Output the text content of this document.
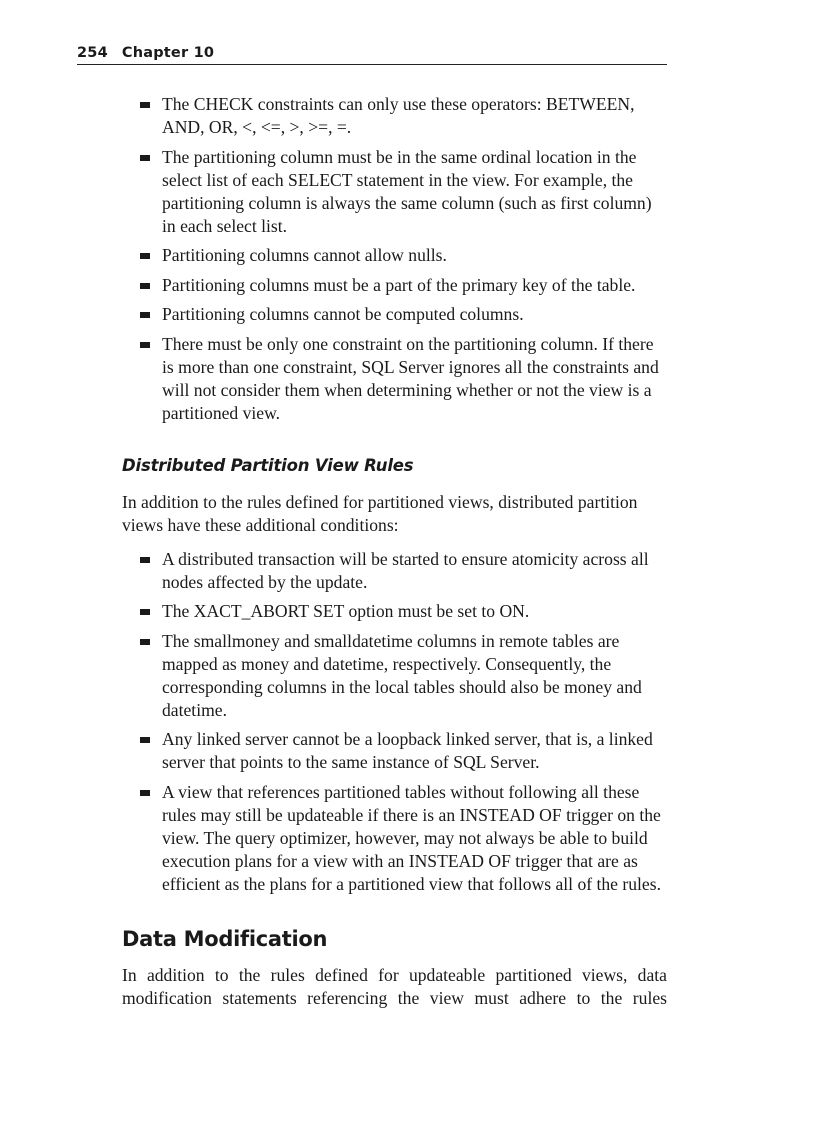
254 Chapter 10
The CHECK constraints can only use these operators: BETWEEN, AND, OR, <, <=, >, >=, =.
The partitioning column must be in the same ordinal location in the select list of each SELECT statement in the view. For example, the partitioning column is always the same column (such as first column) in each select list.
Partitioning columns cannot allow nulls.
Partitioning columns must be a part of the primary key of the table.
Partitioning columns cannot be computed columns.
There must be only one constraint on the partitioning column. If there is more than one constraint, SQL Server ignores all the constraints and will not consider them when determining whether or not the view is a partitioned view.
Distributed Partition View Rules

In addition to the rules defined for partitioned views, distributed partition views have these additional conditions:

A distributed transaction will be started to ensure atomicity across all nodes affected by the update.
The XACT_ABORT SET option must be set to ON.
The smallmoney and smalldatetime columns in remote tables are mapped as money and datetime, respectively. Consequently, the corresponding columns in the local tables should also be money and datetime.
Any linked server cannot be a loopback linked server, that is, a linked server that points to the same instance of SQL Server.
A view that references partitioned tables without following all these rules may still be updateable if there is an INSTEAD OF trigger on the view. The query optimizer, however, may not always be able to build execution plans for a view with an INSTEAD OF trigger that are as efficient as the plans for a partitioned view that follows all of the rules.
Data Modification

In addition to the rules defined for updateable partitioned views, data

modification statements referencing the view must adhere to the rules
